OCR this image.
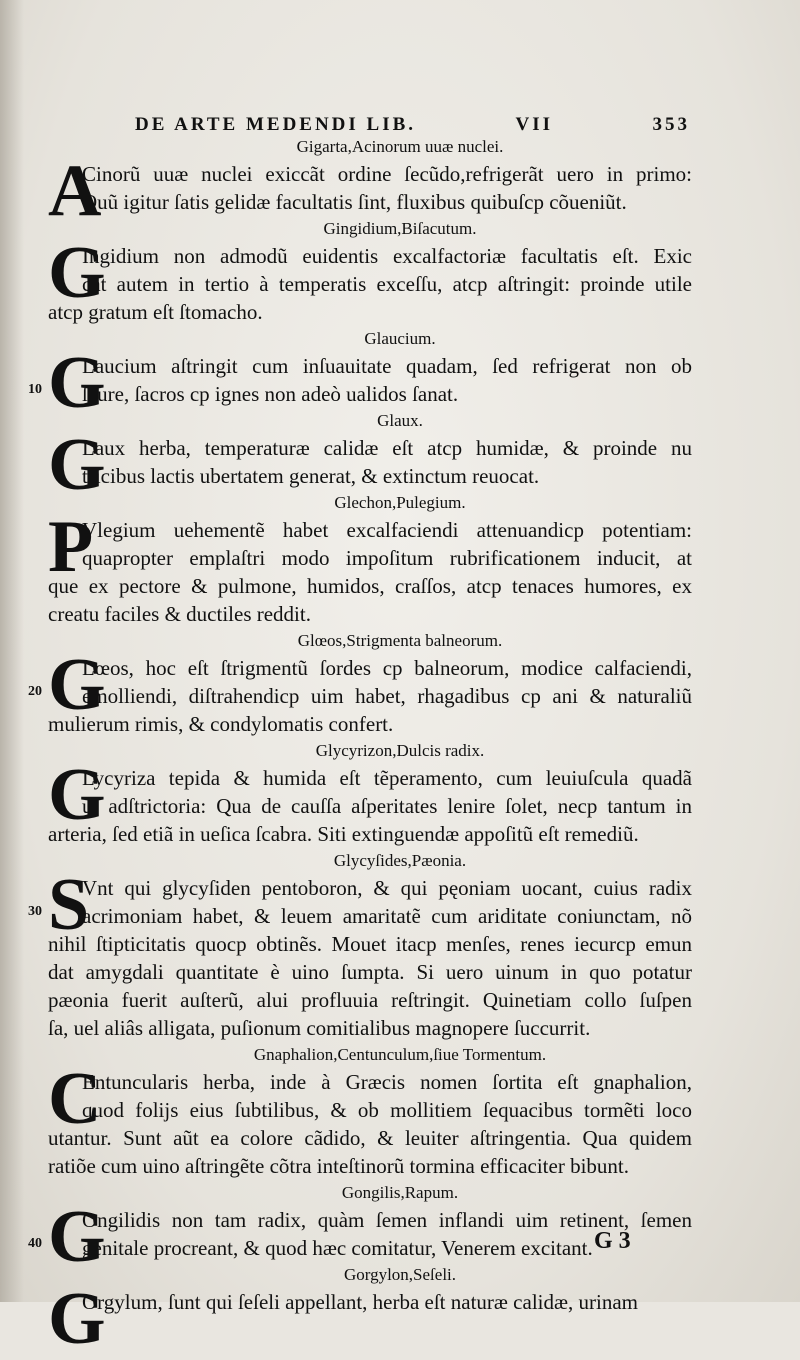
DE ARTE MEDENDI LIB.	VII	353
Gigarta,Acinorum uuæ nuclei.
A
Cinorũ uuæ nuclei exiccãt ordine ſecũdo,refrigerãt uero in primo:
Quũ igitur ſatis gelidæ facultatis ſint, fluxibus quibuſcp cõueniũt.
Gingidium,Biſacutum.
G
Ingidium non admodũ euidentis excalfactoriæ facultatis eſt. Exic
cat autem in tertio à temperatis exceſſu, atcp aſtringit: proinde utile
atcp gratum eſt ſtomacho.
Glaucium.
G
10
Laucium aſtringit cum inſuauitate quadam, ſed refrigerat non ob
ſcure, ſacros cp ignes non adeò ualidos ſanat.
Glaux.
G
Laux herba, temperaturæ calidæ eſt atcp humidæ, & proinde nu
tricibus lactis ubertatem generat, & extinctum reuocat.
Glechon,Pulegium.
P
Vlegium uehementẽ habet excalfaciendi attenuandicp potentiam:
quapropter emplaſtri modo impoſitum rubrificationem inducit, at
que ex pectore & pulmone, humidos, craſſos, atcp tenaces humores, ex
creatu faciles & ductiles reddit.
Glœos,Strigmenta balneorum.
G
20
Lœos, hoc eſt ſtrigmentũ ſordes cp balneorum, modice calfaciendi,
emolliendi, diſtrahendicp uim habet, rhagadibus cp ani & naturaliũ
mulierum rimis, & condylomatis confert.
Glycyrizon,Dulcis radix.
G
Lycyriza tepida & humida eſt tẽperamento, cum leuiuſcula quadã
ui adſtrictoria: Qua de cauſſa aſperitates lenire ſolet, necp tantum in
arteria, ſed etiã in ueſica ſcabra. Siti extinguendæ appoſitũ eſt remediũ.
Glycyſides,Pæonia.
S
30
Vnt qui glycyſiden pentoboron, & qui pęoniam uocant, cuius radix
acrimoniam habet, & leuem amaritatẽ cum ariditate coniunctam, nõ
nihil ſtipticitatis quocp obtinẽs. Mouet itacp menſes, renes iecurcp emun
dat amygdali quantitate è uino ſumpta. Si uero uinum in quo potatur
pæonia fuerit auſterũ, alui profluuia reſtringit. Quinetiam collo ſuſpen
ſa, uel aliâs alligata, puſionum comitialibus magnopere ſuccurrit.
Gnaphalion,Centunculum,ſiue Tormentum.
C
Entuncularis herba, inde à Græcis nomen ſortita eſt gnaphalion,
quod folijs eius ſubtilibus, & ob mollitiem ſequacibus tormẽti loco
utantur. Sunt aũt ea colore cãdido, & leuiter aſtringentia. Qua quidem
ratiõe cum uino aſtringẽte cõtra inteſtinorũ tormina efficaciter bibunt.
Gongilis,Rapum.
G
40
Ongilidis non tam radix, quàm ſemen inflandi uim retinent, ſemen
genitale procreant, & quod hæc comitatur, Venerem excitant.
Gorgylon,Seſeli.
G
Orgylum, ſunt qui ſeſeli appellant, herba eſt naturæ calidæ, urinam
G 3
